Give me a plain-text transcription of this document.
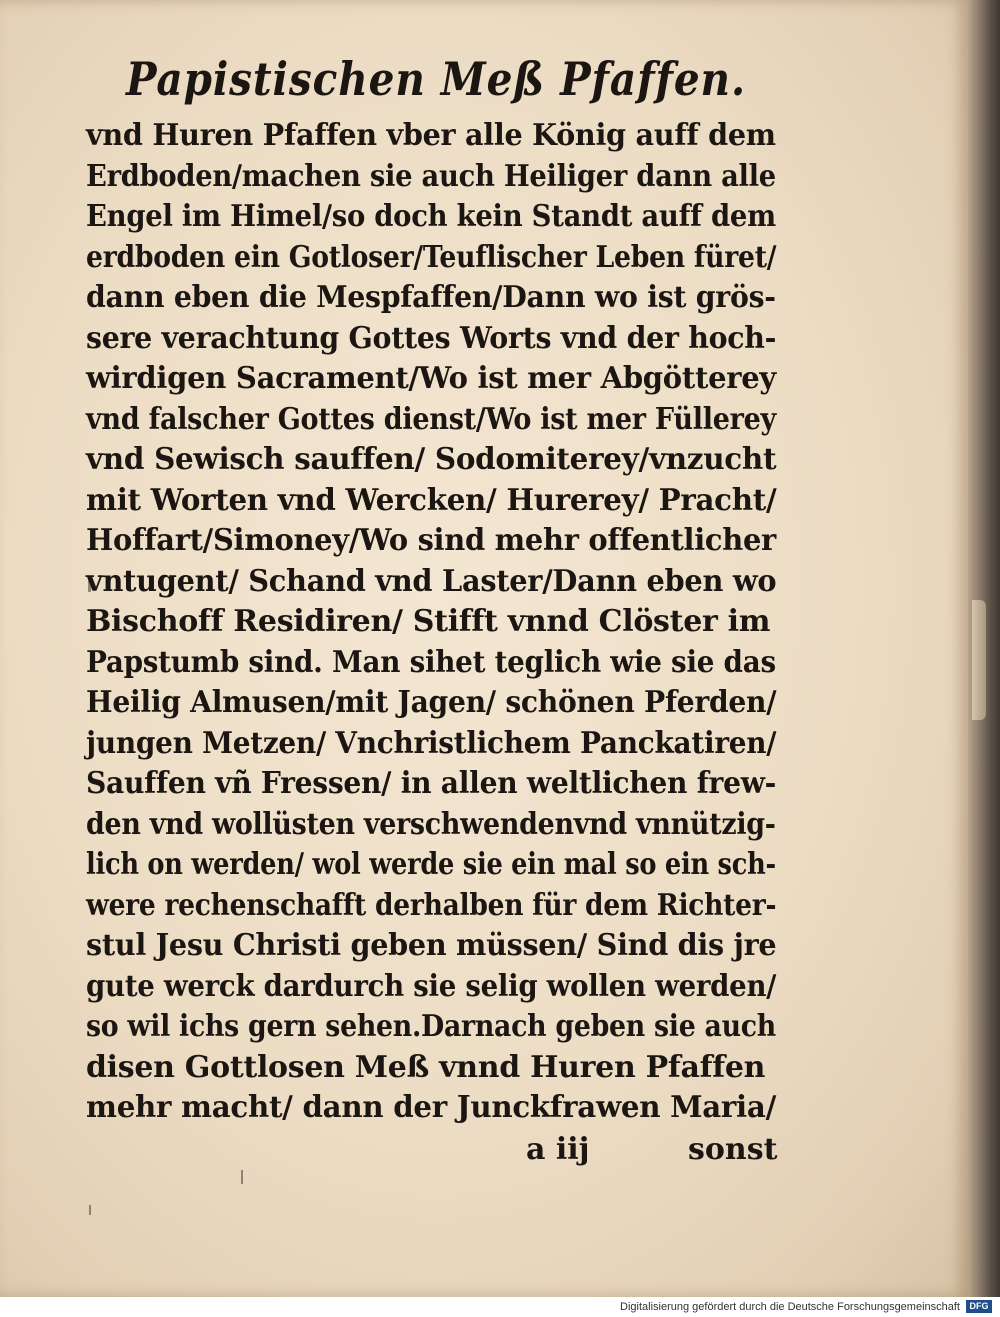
Papistischen Meß Pfaffen.
vnd Huren Pfaffen vber alle König auff dem
Erdboden/machen sie auch Heiliger dann alle
Engel im Himel/so doch kein Standt auff dem
erdboden ein Gotloser/Teuflischer Leben füret/
dann eben die Mespfaffen/Dann wo ist grös-
sere verachtung Gottes Worts vnd der hoch-
wirdigen Sacrament/Wo ist mer Abgötterey
vnd falscher Gottes dienst/Wo ist mer Füllerey
vnd Sewisch sauffen/ Sodomiterey/vnzucht
mit Worten vnd Wercken/ Hurerey/ Pracht/
Hoffart/Simoney/Wo sind mehr offentlicher
vntugent/ Schand vnd Laster/Dann eben wo
Bischoff Residiren/ Stifft vnnd Clöster im
Papstumb sind. Man sihet teglich wie sie das
Heilig Almusen/mit Jagen/ schönen Pferden/
jungen Metzen/ Vnchristlichem Panckatiren/
Sauffen vñ Fressen/ in allen weltlichen frew-
den vnd wollüsten verschwendenvnd vnnützig-
lich on werden/ wol werde sie ein mal so ein sch-
were rechenschafft derhalben für dem Richter-
stul Jesu Christi geben müssen/ Sind dis jre
gute werck dardurch sie selig wollen werden/
so wil ichs gern sehen.Darnach geben sie auch
disen Gottlosen Meß vnnd Huren Pfaffen
mehr macht/ dann der Junckfrawen Maria/
a iij	sonst
Digitalisierung gefördert durch die Deutsche Forschungsgemeinschaft	DFG
